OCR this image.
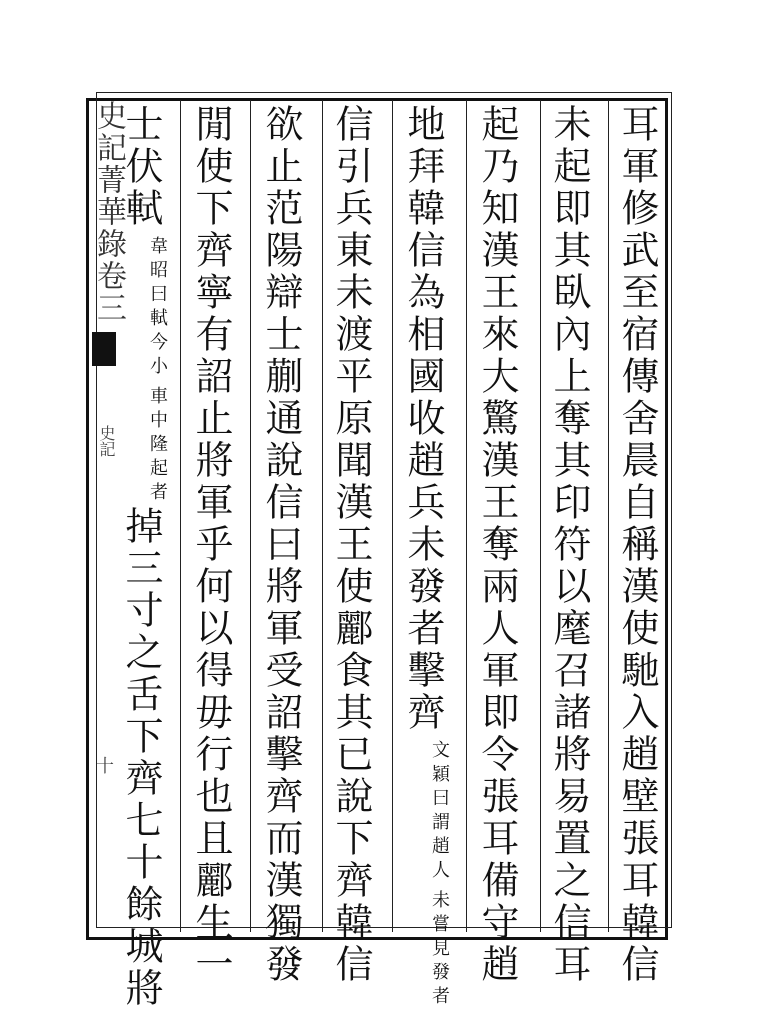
史記菁華錄卷三
史記
十	耳軍修武至宿傳舍晨自稱漢使馳入趙壁張耳韓信
未起即其臥內上奪其印符以麾召諸將易置之信耳
起乃知漢王來大驚漢王奪兩人軍即令張耳備守趙
地拜韓信為相國收趙兵未發者擊齊文穎曰謂趙人未嘗見發者
信引兵東未渡平原聞漢王使酈食其已說下齊韓信
欲止范陽辯士蒯通說信曰將軍受詔擊齊而漢獨發
閒使下齊寧有詔止將軍乎何以得毋行也且酈生一
士伏軾韋昭曰軾今小車中隆起者掉三寸之舌下齊七十餘城將
